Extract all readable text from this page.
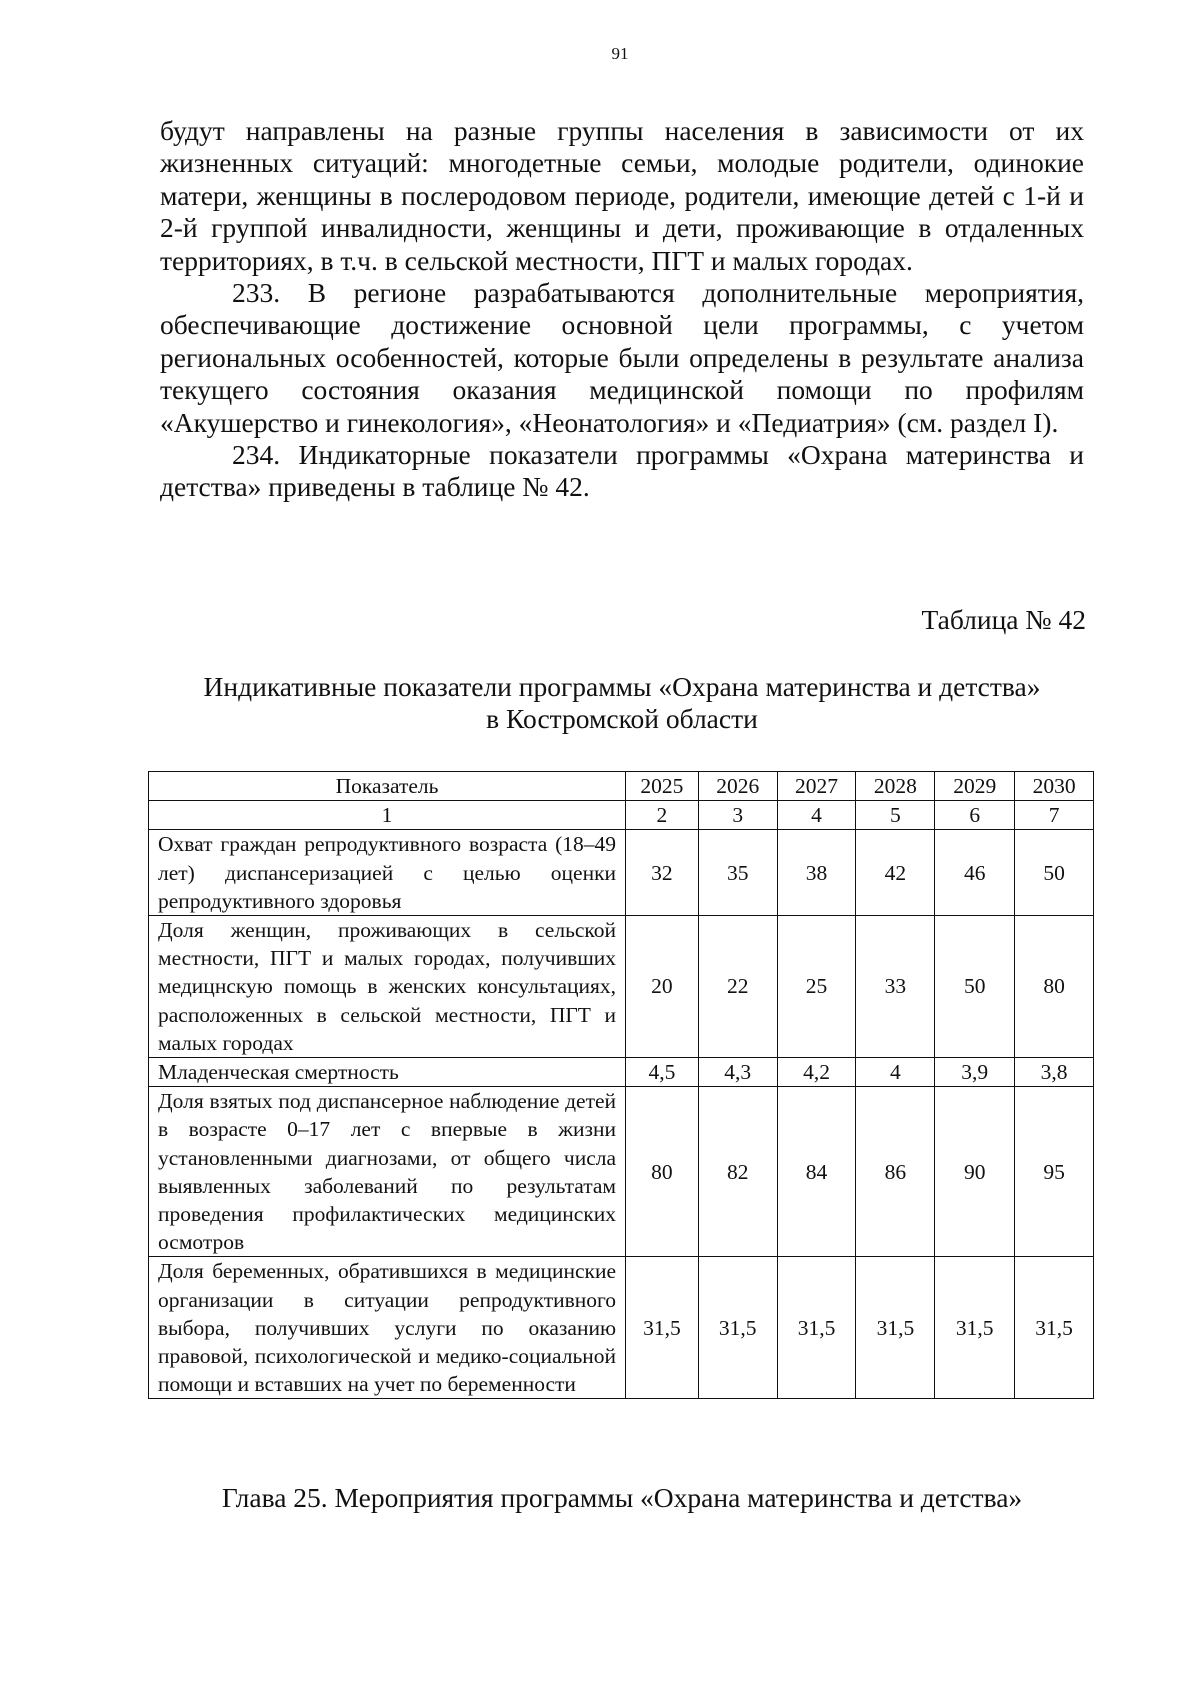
91

будут направлены на разные группы населения в зависимости от их жизненных ситуаций: многодетные семьи, молодые родители, одинокие матери, женщины в послеродовом периоде, родители, имеющие детей с 1-й и 2-й группой инвалидности, женщины и дети, проживающие в отдаленных территориях, в т.ч. в сельской местности, ПГТ и малых городах.

233. В регионе разрабатываются дополнительные мероприятия, обеспечивающие достижение основной цели программы, с учетом региональных особенностей, которые были определены в результате анализа текущего состояния оказания медицинской помощи по профилям «Акушерство и гинекология», «Неонатология» и «Педиатрия» (см. раздел I).

234. Индикаторные показатели программы «Охрана материнства и детства» приведены в таблице № 42.

Таблица № 42
Индикативные показатели программы «Охрана материнства и детства»
в Костромской области
Показатель	2025	2026	2027	2028	2029	2030
1	2	3	4	5	6	7
Охват граждан репродуктивного возраста (18–49 лет) диспансеризацией с целью оценки репродуктивного здоровья	32	35	38	42	46	50
Доля женщин, проживающих в сельской местности, ПГТ и малых городах, получивших медицнскую помощь в женских консультациях, расположенных в сельской местности, ПГТ и малых городах	20	22	25	33	50	80
Младенческая смертность	4,5	4,3	4,2	4	3,9	3,8
Доля взятых под диспансерное наблюдение детей в возрасте 0–17 лет с впервые в жизни установленными диагнозами, от общего числа выявленных заболеваний по результатам проведения профилактических медицинских осмотров	80	82	84	86	90	95
Доля беременных, обратившихся в медицинские организации в ситуации репродуктивного выбора, получивших услуги по оказанию правовой, психологической и медико-социальной помощи и вставших на учет по беременности	31,5	31,5	31,5	31,5	31,5	31,5
Глава 25. Мероприятия программы «Охрана материнства и детства»
